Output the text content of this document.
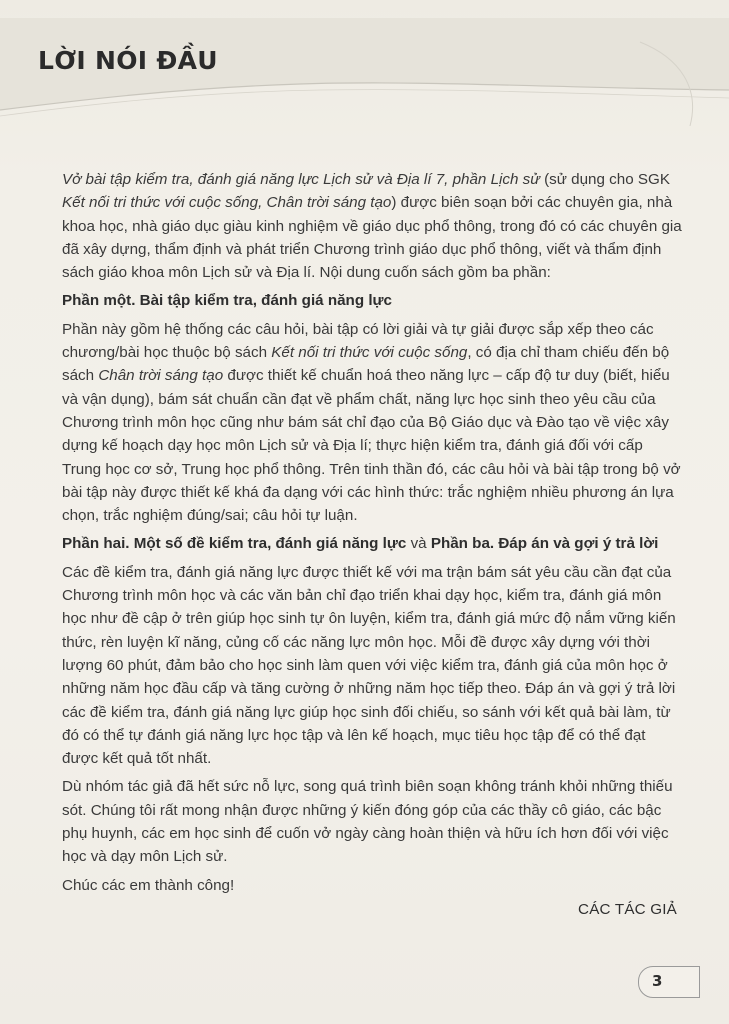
LỜI NÓI ĐẦU

Vở bài tập kiểm tra, đánh giá năng lực Lịch sử và Địa lí 7, phần Lịch sử (sử dụng cho SGK Kết nối tri thức với cuộc sống, Chân trời sáng tạo) được biên soạn bởi các chuyên gia, nhà khoa học, nhà giáo dục giàu kinh nghiệm về giáo dục phổ thông, trong đó có các chuyên gia đã xây dựng, thẩm định và phát triển Chương trình giáo dục phổ thông, viết và thẩm định sách giáo khoa môn Lịch sử và Địa lí. Nội dung cuốn sách gồm ba phần:

Phần một. Bài tập kiểm tra, đánh giá năng lực

Phần này gồm hệ thống các câu hỏi, bài tập có lời giải và tự giải được sắp xếp theo các chương/bài học thuộc bộ sách Kết nối tri thức với cuộc sống, có địa chỉ tham chiếu đến bộ sách Chân trời sáng tạo được thiết kế chuẩn hoá theo năng lực – cấp độ tư duy (biết, hiểu và vận dụng), bám sát chuẩn cần đạt về phẩm chất, năng lực học sinh theo yêu cầu của Chương trình môn học cũng như bám sát chỉ đạo của Bộ Giáo dục và Đào tạo về việc xây dựng kế hoạch dạy học môn Lịch sử và Địa lí; thực hiện kiểm tra, đánh giá đối với cấp Trung học cơ sở, Trung học phổ thông. Trên tinh thần đó, các câu hỏi và bài tập trong bộ vở bài tập này được thiết kế khá đa dạng với các hình thức: trắc nghiệm nhiều phương án lựa chọn, trắc nghiệm đúng/sai; câu hỏi tự luận.

Phần hai. Một số đề kiểm tra, đánh giá năng lực và Phần ba. Đáp án và gợi ý trả lời

Các đề kiểm tra, đánh giá năng lực được thiết kế với ma trận bám sát yêu cầu cần đạt của Chương trình môn học và các văn bản chỉ đạo triển khai dạy học, kiểm tra, đánh giá môn học như đề cập ở trên giúp học sinh tự ôn luyện, kiểm tra, đánh giá mức độ nắm vững kiến thức, rèn luyện kĩ năng, củng cố các năng lực môn học. Mỗi đề được xây dựng với thời lượng 60 phút, đảm bảo cho học sinh làm quen với việc kiểm tra, đánh giá của môn học ở những năm học đầu cấp và tăng cường ở những năm học tiếp theo. Đáp án và gợi ý trả lời các đề kiểm tra, đánh giá năng lực giúp học sinh đối chiếu, so sánh với kết quả bài làm, từ đó có thể tự đánh giá năng lực học tập và lên kế hoạch, mục tiêu học tập để có thể đạt được kết quả tốt nhất.

Dù nhóm tác giả đã hết sức nỗ lực, song quá trình biên soạn không tránh khỏi những thiếu sót. Chúng tôi rất mong nhận được những ý kiến đóng góp của các thầy cô giáo, các bậc phụ huynh, các em học sinh để cuốn vở ngày càng hoàn thiện và hữu ích hơn đối với việc học và dạy môn Lịch sử.

Chúc các em thành công!

CÁC TÁC GIẢ
3
